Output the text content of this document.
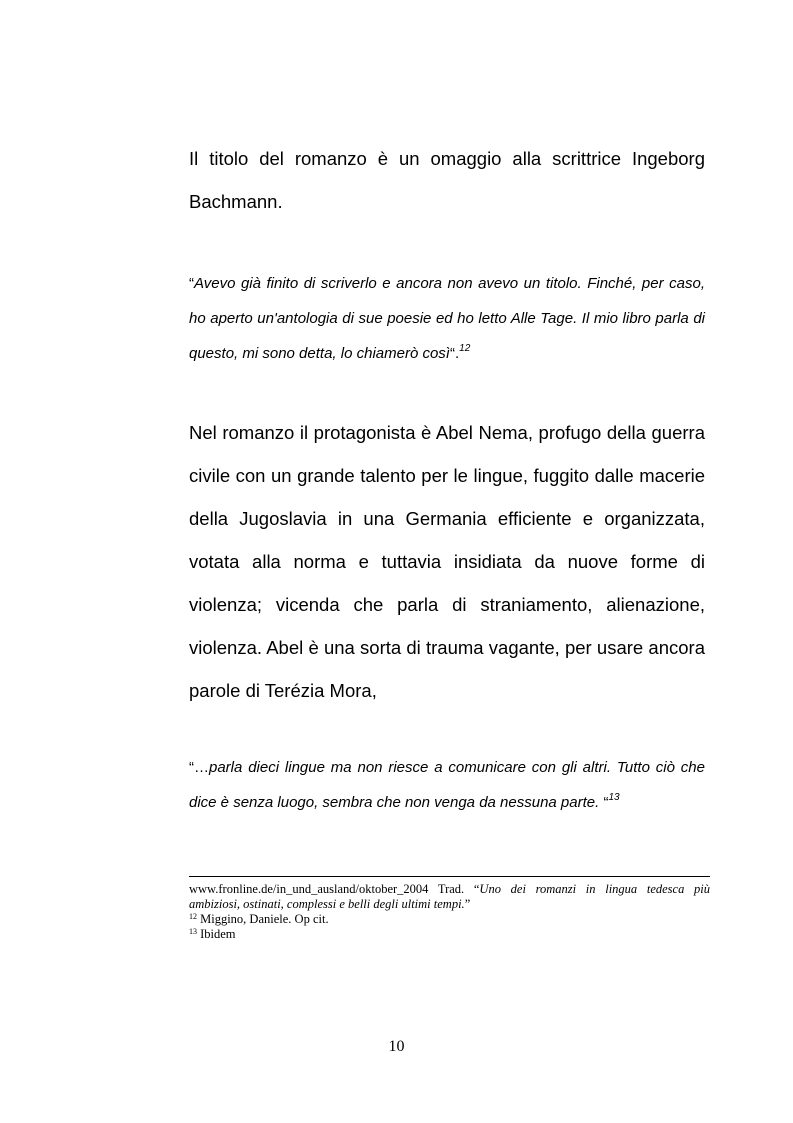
Il titolo del romanzo è un omaggio alla scrittrice Ingeborg
Bachmann.

“Avevo già finito di scriverlo e ancora non avevo un titolo. Finché, per caso, ho aperto un'antologia di sue poesie ed ho letto Alle Tage. Il mio libro parla di questo, mi sono detta, lo chiamerò così“.$^{12}$

Nel romanzo il protagonista è Abel Nema, profugo della guerra civile con un grande talento per le lingue, fuggito dalle macerie della Jugoslavia in una Germania efficiente e organizzata, votata alla norma e tuttavia insidiata da nuove forme di violenza; vicenda che parla di straniamento, alienazione, violenza. Abel è una sorta di trauma vagante, per usare ancora parole di Terézia Mora,

“…parla dieci lingue ma non riesce a comunicare con gli altri. Tutto ciò che dice è senza luogo, sembra che non venga da nessuna parte. “$^{13}$

www.fronline.de/in_und_ausland/oktober_2004 Trad. “Uno dei romanzi in lingua tedesca più ambiziosi, ostinati, complessi e belli degli ultimi tempi.”

$^{12}$ Miggino, Daniele. Op cit.

$^{13}$ Ibidem

10
